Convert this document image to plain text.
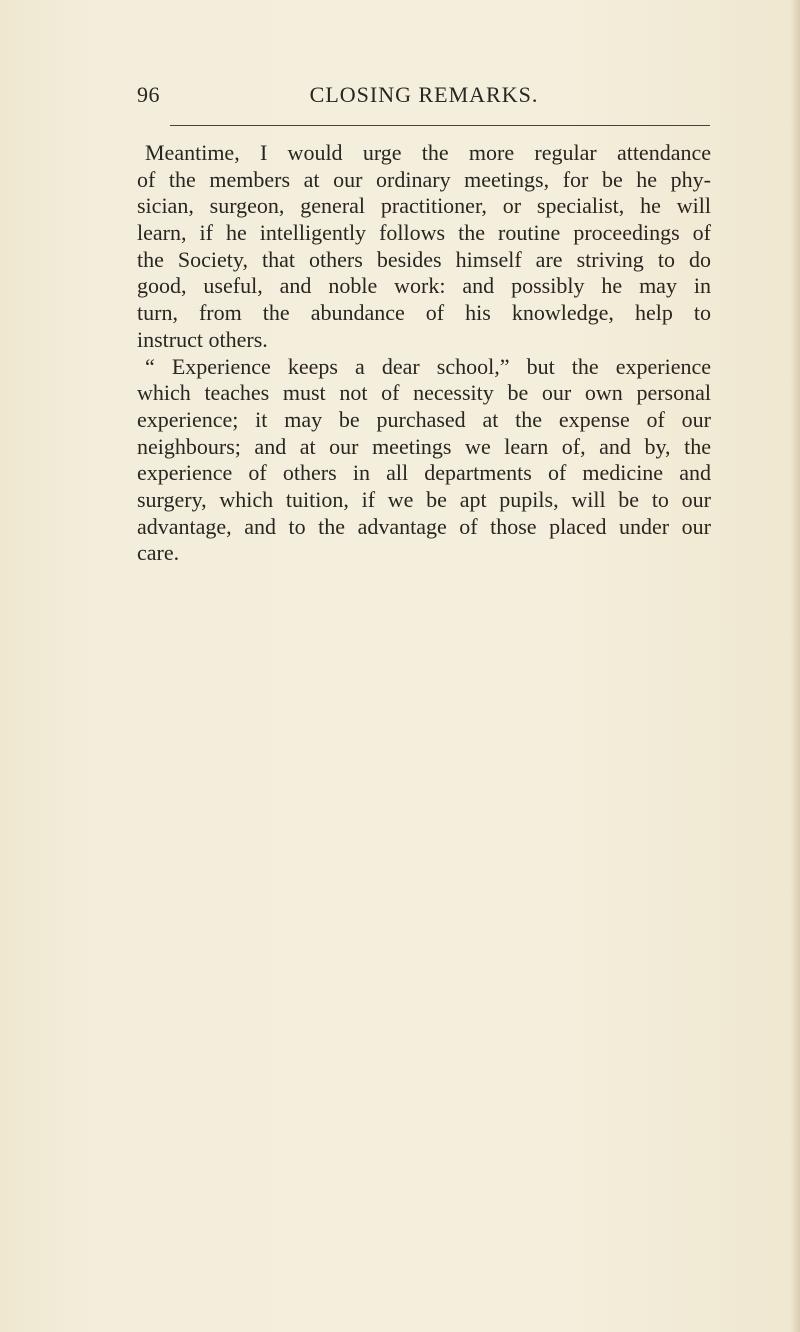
96	CLOSING REMARKS.
Meantime, I would urge the more regular attendance
of the members at our ordinary meetings, for be he phy-
sician, surgeon, general practitioner, or specialist, he will
learn, if he intelligently follows the routine proceedings of
the Society, that others besides himself are striving to do
good, useful, and noble work: and possibly he may in
turn, from the abundance of his knowledge, help to
instruct others.
“ Experience keeps a dear school,” but the experience
which teaches must not of necessity be our own personal
experience; it may be purchased at the expense of our
neighbours; and at our meetings we learn of, and by, the
experience of others in all departments of medicine and
surgery, which tuition, if we be apt pupils, will be to our
advantage, and to the advantage of those placed under our
care.
